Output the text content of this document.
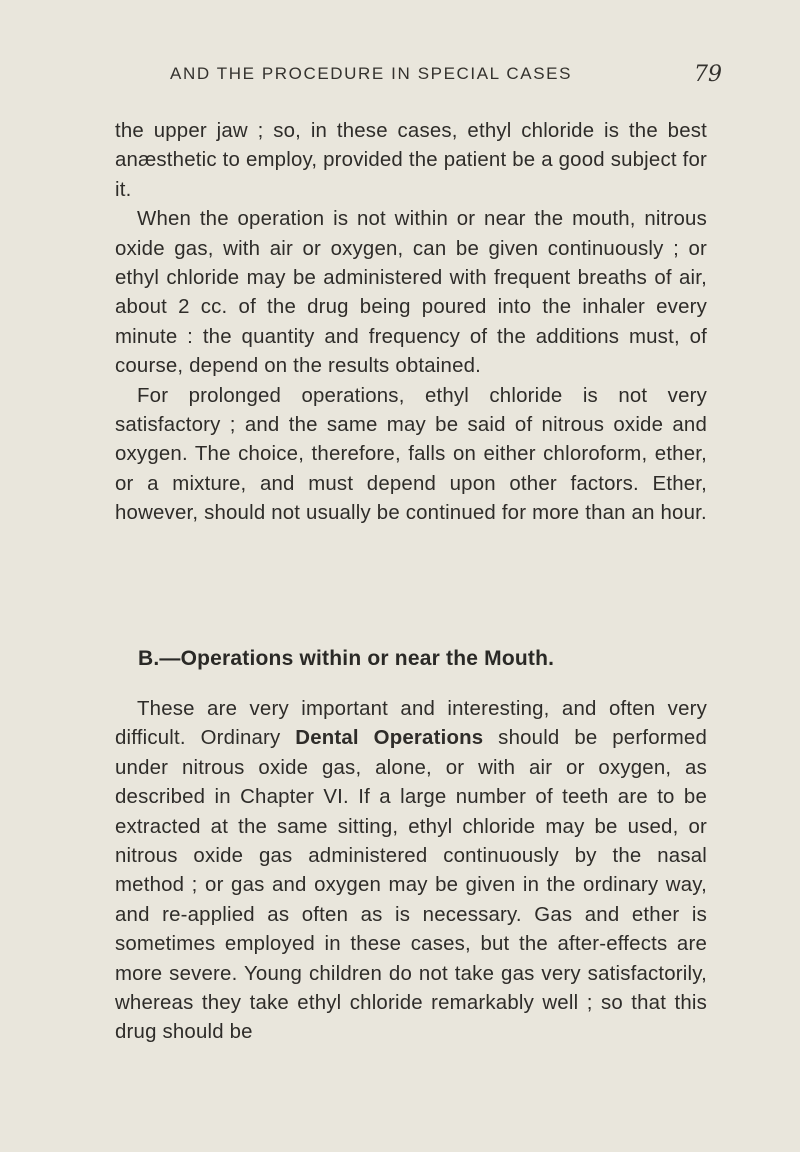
AND THE PROCEDURE IN SPECIAL CASES	79

the upper jaw ; so, in these cases, ethyl chloride is the best anæsthetic to employ, provided the patient be a good subject for it.

When the operation is not within or near the mouth, nitrous oxide gas, with air or oxygen, can be given continuously ; or ethyl chloride may be administered with frequent breaths of air, about 2 cc. of the drug being poured into the inhaler every minute : the quantity and frequency of the additions must, of course, depend on the results obtained.

For prolonged operations, ethyl chloride is not very satisfactory ; and the same may be said of nitrous oxide and oxygen. The choice, therefore, falls on either chloroform, ether, or a mixture, and must depend upon other factors. Ether, however, should not usually be continued for more than an hour.

B.—Operations within or near the Mouth.

These are very important and interesting, and often very difficult. Ordinary Dental Operations should be performed under nitrous oxide gas, alone, or with air or oxygen, as described in Chapter VI. If a large number of teeth are to be extracted at the same sitting, ethyl chloride may be used, or nitrous oxide gas administered continuously by the nasal method ; or gas and oxygen may be given in the ordinary way, and re-applied as often as is necessary. Gas and ether is sometimes employed in these cases, but the after-effects are more severe. Young children do not take gas very satisfactorily, whereas they take ethyl chloride remarkably well ; so that this drug should be
